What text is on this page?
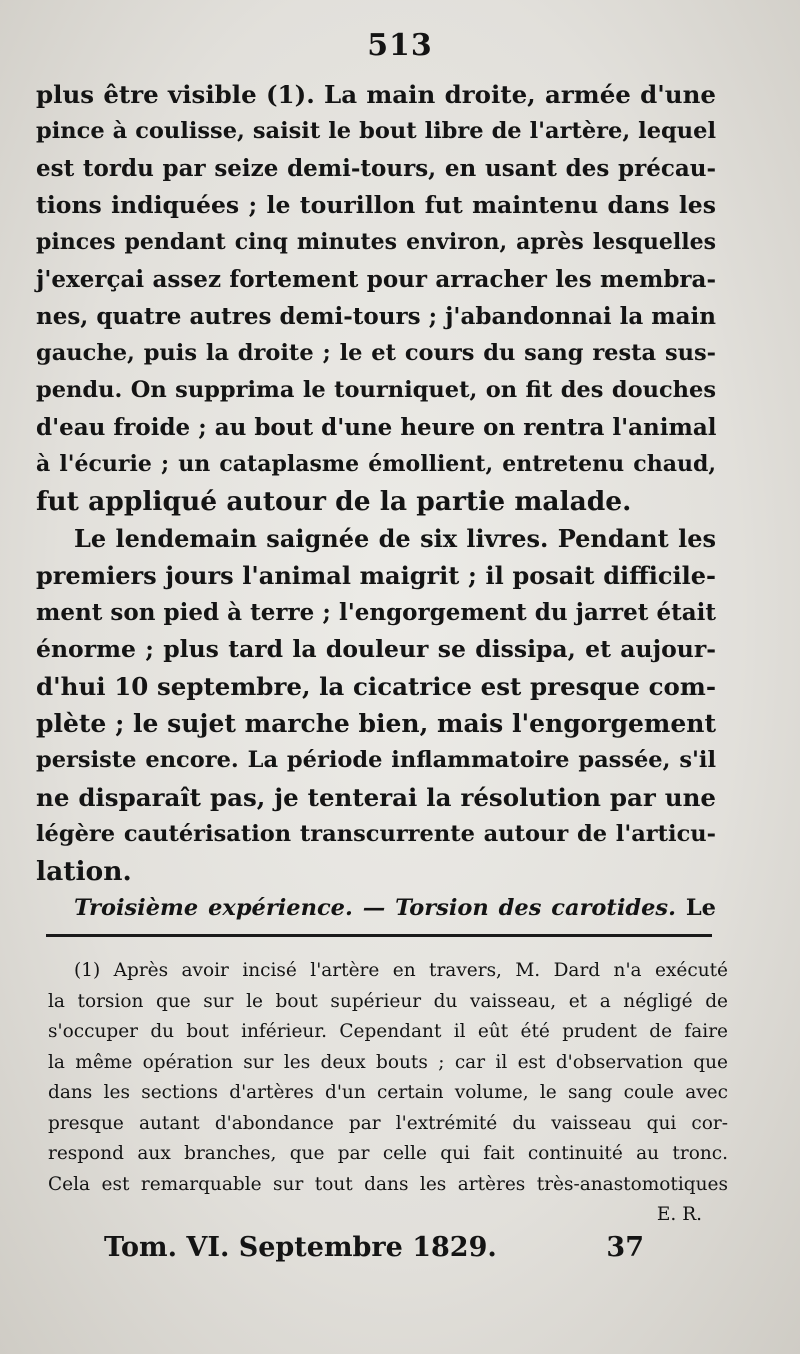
513
plus être visible (1). La main droite, armée d'une
pince à coulisse, saisit le bout libre de l'artère, lequel
est tordu par seize demi-tours, en usant des précau-
tions indiquées ; le tourillon fut maintenu dans les
pinces pendant cinq minutes environ, après lesquelles
j'exerçai assez fortement pour arracher les membra-
nes, quatre autres demi-tours ; j'abandonnai la main
gauche, puis la droite ; le et cours du sang resta sus-
pendu. On supprima le tourniquet, on fit des douches
d'eau froide ; au bout d'une heure on rentra l'animal
à l'écurie ; un cataplasme émollient, entretenu chaud,
fut appliqué autour de la partie malade.
Le lendemain saignée de six livres. Pendant les
premiers jours l'animal maigrit ; il posait difficile-
ment son pied à terre ; l'engorgement du jarret était
énorme ; plus tard la douleur se dissipa, et aujour-
d'hui 10 septembre, la cicatrice est presque com-
plète ; le sujet marche bien, mais l'engorgement
persiste encore. La période inflammatoire passée, s'il
ne disparaît pas, je tenterai la résolution par une
légère cautérisation transcurrente autour de l'articu-
lation.
Troisième expérience. — Torsion des carotides. Le
(1) Après avoir incisé l'artère en travers, M. Dard n'a exécuté
la torsion que sur le bout supérieur du vaisseau, et a négligé de
s'occuper du bout inférieur. Cependant il eût été prudent de faire
la même opération sur les deux bouts ; car il est d'observation que
dans les sections d'artères d'un certain volume, le sang coule avec
presque autant d'abondance par l'extrémité du vaisseau qui cor-
respond aux branches, que par celle qui fait continuité au tronc.
Cela est remarquable sur tout dans les artères très-anastomotiques
E. R.
Tom. VI. Septembre 1829.	37
